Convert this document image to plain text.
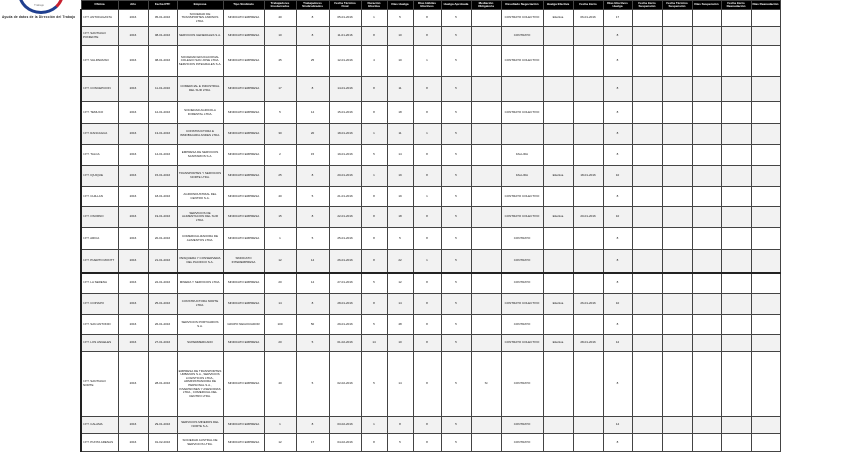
Trabajo
Ayuda de datos de la Dirección del Trabajo
Oficina	Año	Fecha RTF	Empresa	Tipo Sindicato	Trabajadores Involucrados	Trabajadores Sindicalizados	Fecha Término Final	Duración Efectiva	Días Huelga	Días Hábiles Efectivos	Huelga Aprobada	Mediación Obligatoria	Resultado Negociación	Huelga Efectiva	Fecha Inicio	Días Efectivos Huelga	Fecha Inicio Suspensión	Fecha Término Suspensión	Días Suspensión	Fecha Inicio Reanudación	Días Reanudación
I.P.T. ANTOFAGASTA	2016	05-01-2016	SOCIEDAD DE TRANSPORTES ANDINOS LTDA.	SINDICATO EMPRESA	40	8	05-01-2016	1	5	8	5		CONTRATO COLECTIVO	Efectiva	06-01-2016	17					
I.P.T. SANTIAGO PONIENTE	2016	08-01-2016	SERVICIOS GENERALES S.A.	SINDICATO EMPRESA	10	8	11-01-2016	8	10	8	5		CONTRATO			8					
I.P.T. VALPARAISO	2016	08-01-2016	SOCIEDAD EDUCACIONAL COLEGIO SAN JOSE LTDA. SERVICIOS INTEGRALES S.A.	SINDICATO EMPRESA	45	25	12-01-2016	4	10	1	5		CONTRATO COLECTIVO			8					
I.P.T. CONCEPCION	2016	11-01-2016	COMERCIAL E INDUSTRIAL DEL SUR LTDA.	SINDICATO EMPRESA	17	8	14-01-2016	8	11	8	5					8					
I.P.T. TEMUCO	2016	12-01-2016	SOCIEDAD AGRICOLA FORESTAL LTDA.	SINDICATO EMPRESA	5	14	15-01-2016	8	18	8	5		CONTRATO COLECTIVO			8					
I.P.T. RANCAGUA	2016	13-01-2016	CONSTRUCTORA E INMOBILIARIA ANDES LTDA.	SINDICATO EMPRESA	30	20	18-01-2016	1	11	1	5					8					
I.P.T. TALCA	2016	14-01-2016	EMPRESA DE SERVICIOS SANITARIOS S.A.	SINDICATO EMPRESA	2	15	19-01-2016	5	14	8	5		FALLIDA			8					
I.P.T. IQUIQUE	2016	15-01-2016	TRANSPORTES Y SERVICIOS NORTE LTDA.	SINDICATO EMPRESA	25	8	20-01-2016	1	19	8	5		FALLIDA	Efectiva	18-01-2016	10					
I.P.T. CHILLAN	2016	18-01-2016	AGROINDUSTRIAL DEL CENTRO S.A.	SINDICATO EMPRESA	40	5	21-01-2016	8	19	1	5		CONTRATO COLECTIVO			8					
I.P.T. OSORNO	2016	19-01-2016	SERVICIOS DE ALIMENTACION DEL SUR LTDA.	SINDICATO EMPRESA	15	8	22-01-2016	8	18	8	5		CONTRATO COLECTIVO	Efectiva	20-01-2016	10					
I.P.T. ARICA	2016	20-01-2016	COMERCIALIZADORA DE ALIMENTOS LTDA.	SINDICATO EMPRESA	1	5	25-01-2016	8	5	8	5		CONTRATO			8					
I.P.T. PUERTO MONTT	2016	21-01-2016	PESQUERA Y CONSERVERA DEL PACIFICO S.A.	SINDICATO INTEREMPRESA	12	14	26-01-2016	8	22	1	5		CONTRATO			8					
I.P.T. LA SERENA	2016	22-01-2016	MINERA Y SERVICIOS LTDA.	SINDICATO EMPRESA	20	14	27-01-2016	5	12	8	5		CONTRATO			8					
I.P.T. COPIAPO	2016	25-01-2016	CONSTRUCTORA NORTE LTDA.	SINDICATO EMPRESA	14	8	28-01-2016	8	14	8	5		CONTRATO COLECTIVO	Efectiva	26-01-2016	10					
I.P.T. SAN ANTONIO	2016	26-01-2016	SERVICIOS PORTUARIOS S.A.	GRUPO NEGOCIADOR	100	50	29-01-2016	5	48	8	5		CONTRATO			8					
I.P.T. LOS ANGELES	2016	27-01-2016	SUPERMERCADO	SINDICATO EMPRESA	20	5	01-02-2016	14	10	8	5		CONTRATO COLECTIVO	Efectiva	28-01-2016	12					
I.P.T. SANTIAGO NORTE	2016	28-01-2016	EMPRESA DE TRANSPORTES URBANOS S.A., SERVICIOS LOGISTICOS LTDA., ADMINISTRADORA DE PERSONAL S.A., INVERSIONES Y ASESORIAS LTDA., COMERCIAL DEL CENTRO LTDA.	SINDICATO EMPRESA	40	5	02-02-2016	5	14	8	5	SI	CONTRATO			8					
I.P.T. CALAMA	2016	29-01-2016	SERVICIOS MINEROS DEL NORTE S.A.	SINDICATO EMPRESA	1	8	03-02-2016	1	8	8	5		CONTRATO			14					
I.P.T. PUNTA ARENAS	2016	01-02-2016	SOCIEDAD AUSTRAL DE SERVICIOS LTDA.	SINDICATO EMPRESA	12	17	04-02-2016	8	5	8	5		CONTRATO			8					
